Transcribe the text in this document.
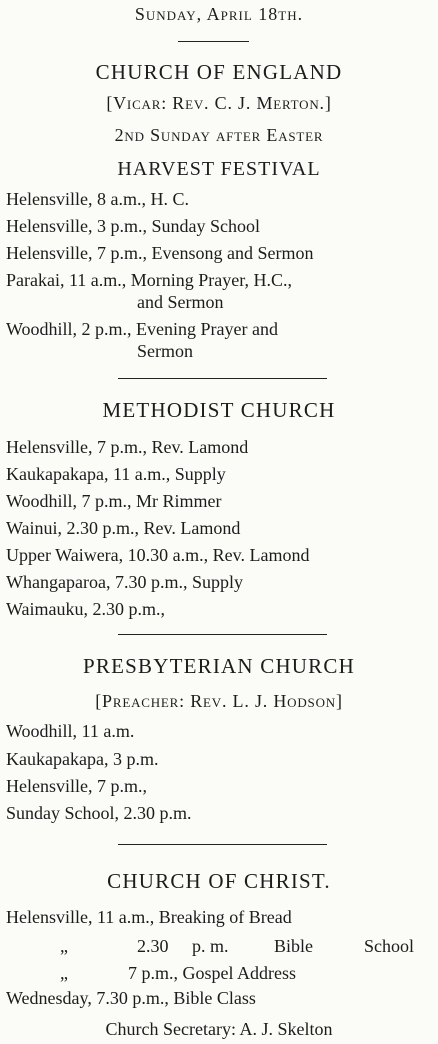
Sunday, April 18th.
CHURCH OF ENGLAND
[Vicar: Rev. C. J. Merton.]
2nd Sunday after Easter
HARVEST FESTIVAL
Helensville, 8 a.m., H. C.
Helensville, 3 p.m., Sunday School
Helensville, 7 p.m., Evensong and Sermon
Parakai, 11 a.m., Morning Prayer, H.C.,
and Sermon
Woodhill, 2 p.m., Evening Prayer and
Sermon
METHODIST CHURCH
Helensville, 7 p.m., Rev. Lamond
Kaukapakapa, 11 a.m., Supply
Woodhill, 7 p.m., Mr Rimmer
Wainui, 2.30 p.m., Rev. Lamond
Upper Waiwera, 10.30 a.m., Rev. Lamond
Whangaparoa, 7.30 p.m., Supply
Waimauku, 2.30 p.m.,
PRESBYTERIAN CHURCH
[Preacher: Rev. L. J. Hodson]
Woodhill, 11 a.m.
Kaukapakapa, 3 p.m.
Helensville, 7 p.m.,
Sunday School, 2.30 p.m.
CHURCH OF CHRIST.
Helensville, 11 a.m., Breaking of Bread
„	2.30 p. m.	Bible	School
„	7 p.m., Gospel Address
Wednesday, 7.30 p.m., Bible Class
Church Secretary: A. J. Skelton
